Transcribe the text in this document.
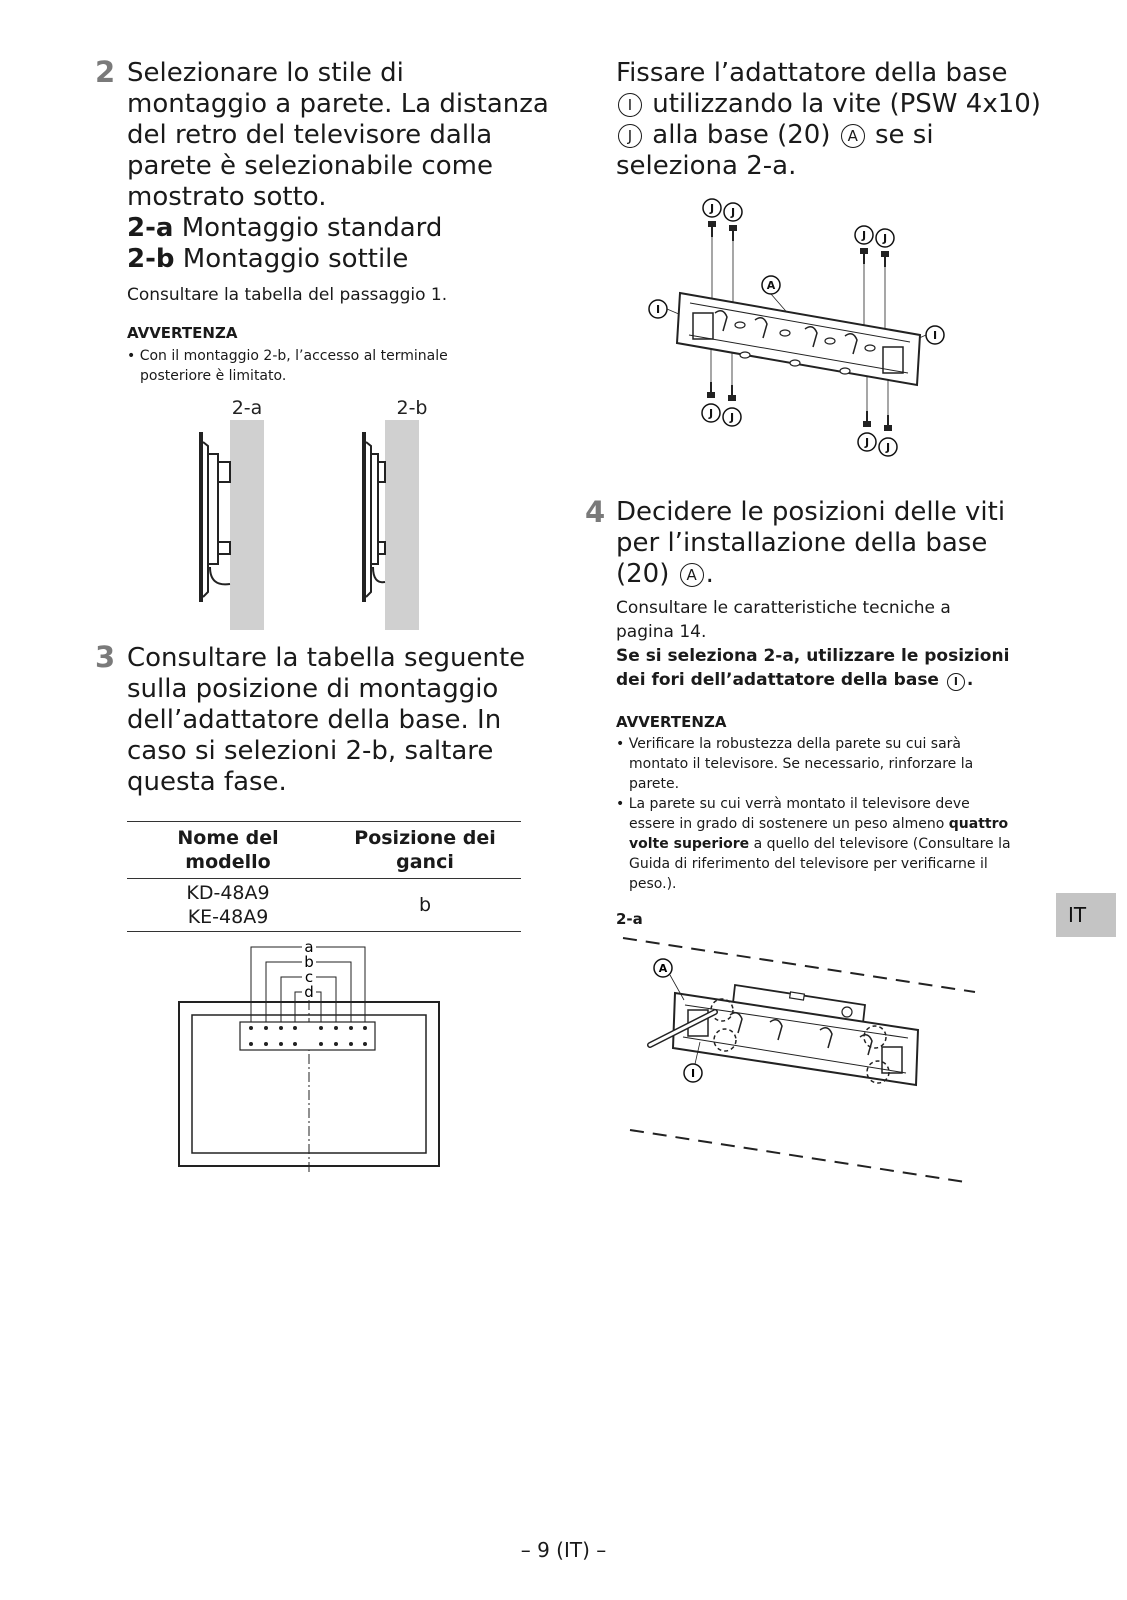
2 Selezionare lo stile di
montaggio a parete. La distanza
del retro del televisore dalla
parete è selezionabile come
mostrato sotto.
2-a Montaggio standard
2-b Montaggio sottile
Consultare la tabella del passaggio 1.
AVVERTENZA
• Con il montaggio 2-b, l’accesso al terminale
posteriore è limitato.
2-a	2-b
3 Consultare la tabella seguente
sulla posizione di montaggio
dell’adattatore della base. In
caso si selezioni 2-b, saltare
questa fase.
Nome del modello	Posizione dei ganci

KD-48A9
KE-48A9	b
a
b
c
d
Fissare l’adattatore della base
I utilizzando la vite (PSW 4x10)
J alla base (20) A se si
seleziona 2-a.
J J
J J
A
I
I
J J
J J
4 Decidere le posizioni delle viti
per l’installazione della base
(20) A .
Consultare le caratteristiche tecniche a
pagina 14.
Se si seleziona 2-a, utilizzare le posizioni
dei fori dell’adattatore della base I .
AVVERTENZA
• Verificare la robustezza della parete su cui sarà
montato il televisore. Se necessario, rinforzare la
parete.
• La parete su cui verrà montato il televisore deve
essere in grado di sostenere un peso almeno quattro
volte superiore a quello del televisore (Consultare la
Guida di riferimento del televisore per verificarne il
peso.).
2-a
A
I
IT
– 9 (IT) –
